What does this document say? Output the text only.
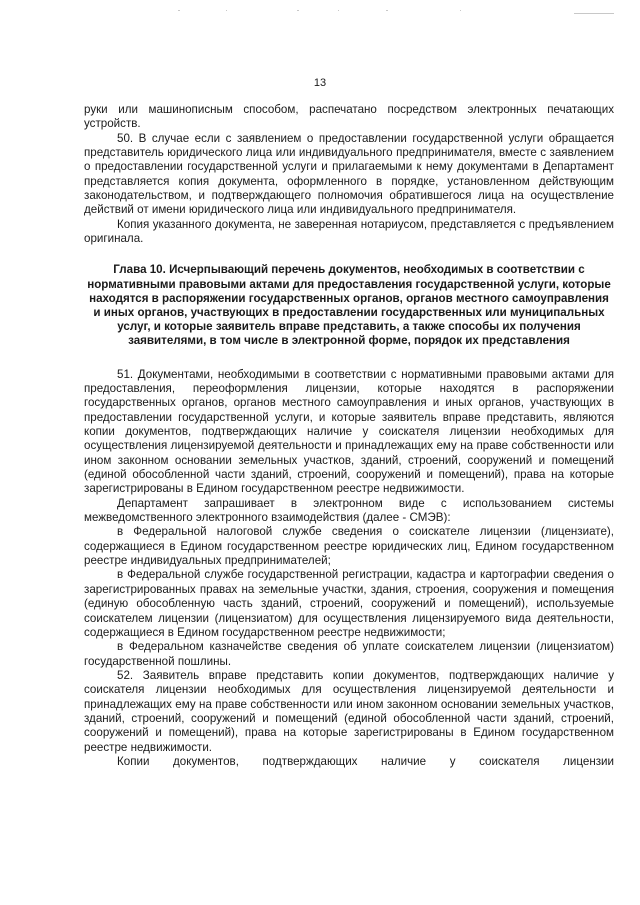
13

руки или машинописным способом, распечатано посредством электронных печатающих устройств.

50. В случае если с заявлением о предоставлении государственной услуги обращается представитель юридического лица или индивидуального предпринимателя, вместе с заявлением о предоставлении государственной услуги и прилагаемыми к нему документами в Департамент представляется копия документа, оформленного в порядке, установленном действующим законодательством, и подтверждающего полномочия обратившегося лица на осуществление действий от имени юридического лица или индивидуального предпринимателя.

Копия указанного документа, не заверенная нотариусом, представляется с предъявлением оригинала.

Глава 10. Исчерпывающий перечень документов, необходимых в соответствии с нормативными правовыми актами для предоставления государственной услуги, которые находятся в распоряжении государственных органов, органов местного самоуправления и иных органов, участвующих в предоставлении государственных или муниципальных услуг, и которые заявитель вправе представить, а также способы их получения заявителями, в том числе в электронной форме, порядок их представления

51. Документами, необходимыми в соответствии с нормативными правовыми актами для предоставления, переоформления лицензии, которые находятся в распоряжении государственных органов, органов местного самоуправления и иных органов, участвующих в предоставлении государственной услуги, и которые заявитель вправе представить, являются копии документов, подтверждающих наличие у соискателя лицензии необходимых для осуществления лицензируемой деятельности и принадлежащих ему на праве собственности или ином законном основании земельных участков, зданий, строений, сооружений и помещений (единой обособленной части зданий, строений, сооружений и помещений), права на которые зарегистрированы в Едином государственном реестре недвижимости.

Департамент запрашивает в электронном виде с использованием системы межведомственного электронного взаимодействия (далее - СМЭВ):

в Федеральной налоговой службе сведения о соискателе лицензии (лицензиате), содержащиеся в Едином государственном реестре юридических лиц, Едином государственном реестре индивидуальных предпринимателей;

в Федеральной службе государственной регистрации, кадастра и картографии сведения о зарегистрированных правах на земельные участки, здания, строения, сооружения и помещения (единую обособленную часть зданий, строений, сооружений и помещений), используемые соискателем лицензии (лицензиатом) для осуществления лицензируемого вида деятельности, содержащиеся в Едином государственном реестре недвижимости;

в Федеральном казначействе сведения об уплате соискателем лицензии (лицензиатом) государственной пошлины.

52. Заявитель вправе представить копии документов, подтверждающих наличие у соискателя лицензии необходимых для осуществления лицензируемой деятельности и принадлежащих ему на праве собственности или ином законном основании земельных участков, зданий, строений, сооружений и помещений (единой обособленной части зданий, строений, сооружений и помещений), права на которые зарегистрированы в Едином государственном реестре недвижимости.

Копии документов, подтверждающих наличие у соискателя лицензии
